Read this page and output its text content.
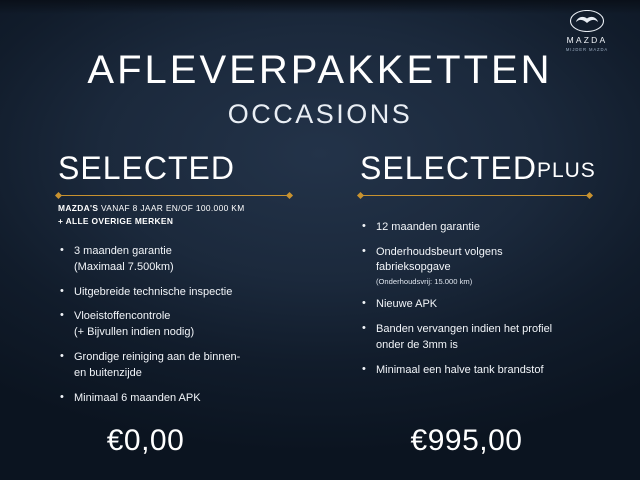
MAZDA
MIJDER MAZDA
AFLEVERPAKKETTEN
OCCASIONS
SELECTED
MAZDA'S VANAF 8 JAAR EN/OF 100.000 KM
+ ALLE OVERIGE MERKEN
• 3 maanden garantie
(Maximaal 7.500km)
• Uitgebreide technische inspectie
• Vloeistoffencontrole
(+ Bijvullen indien nodig)
• Grondige reiniging aan de binnen-
en buitenzijde
• Minimaal 6 maanden APK
SELECTEDPLUS
• 12 maanden garantie
• Onderhoudsbeurt volgens
fabrieksopgave
(Onderhoudsvrij: 15.000 km)
• Nieuwe APK
• Banden vervangen indien het profiel
onder de 3mm is
• Minimaal een halve tank brandstof
€0,00	€995,00
